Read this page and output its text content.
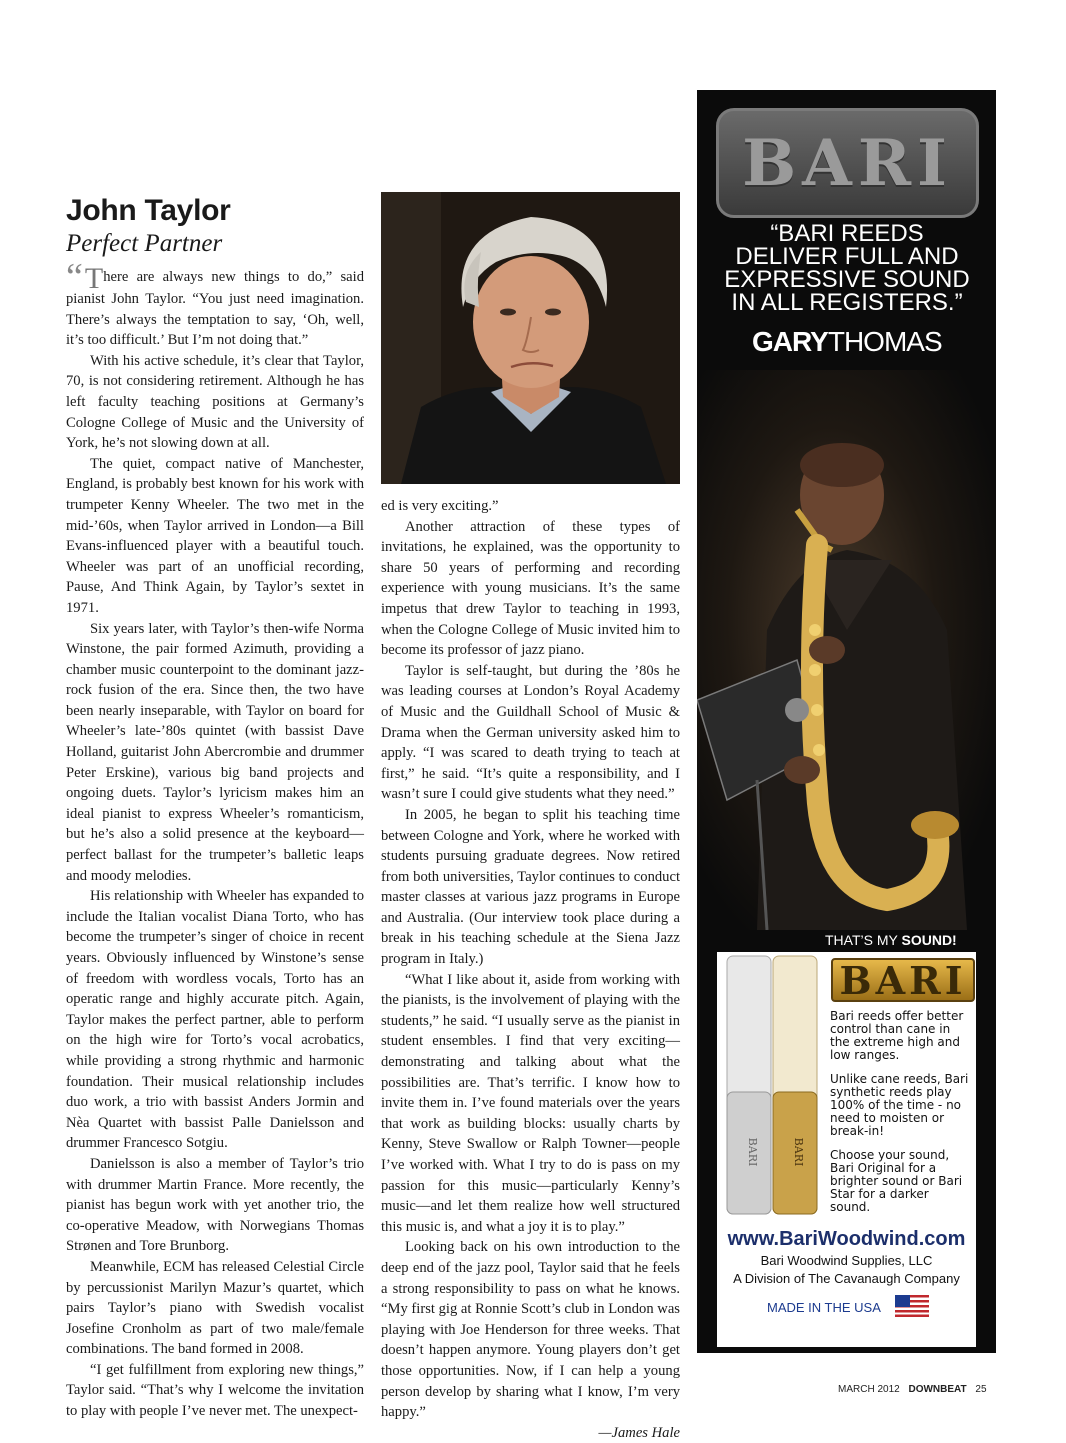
John Taylor
Perfect Partner

“There are always new things to do,” said pianist John Taylor. “You just need imagination. There’s always the temptation to say, ‘Oh, well, it’s too difficult.’ But I’m not doing that.”

With his active schedule, it’s clear that Taylor, 70, is not considering retirement. Although he has left faculty teaching positions at Germany’s Cologne College of Music and the University of York, he’s not slowing down at all.

The quiet, compact native of Manchester, England, is probably best known for his work with trumpeter Kenny Wheeler. The two met in the mid-’60s, when Taylor arrived in London—a Bill Evans-influenced player with a beautiful touch. Wheeler was part of an unofficial recording, Pause, And Think Again, by Taylor’s sextet in 1971.

Six years later, with Taylor’s then-wife Norma Winstone, the pair formed Azimuth, providing a chamber music counterpoint to the dominant jazz-rock fusion of the era. Since then, the two have been nearly inseparable, with Taylor on board for Wheeler’s late-’80s quintet (with bassist Dave Holland, guitarist John Abercrombie and drummer Peter Erskine), various big band projects and ongoing duets. Taylor’s lyricism makes him an ideal pianist to express Wheeler’s romanticism, but he’s also a solid presence at the keyboard—perfect ballast for the trumpeter’s balletic leaps and moody melodies.

His relationship with Wheeler has expanded to include the Italian vocalist Diana Torto, who has become the trumpeter’s singer of choice in recent years. Obviously influenced by Winstone’s sense of freedom with wordless vocals, Torto has an operatic range and highly accurate pitch. Again, Taylor makes the perfect partner, able to perform on the high wire for Torto’s vocal acrobatics, while providing a strong rhythmic and harmonic foundation. Their musical relationship includes duo work, a trio with bassist Anders Jormin and Nèa Quartet with bassist Palle Danielsson and drummer Francesco Sotgiu.

Danielsson is also a member of Taylor’s trio with drummer Martin France. More recently, the pianist has begun work with yet another trio, the co-operative Meadow, with Norwegians Thomas Strønen and Tore Brunborg.

Meanwhile, ECM has released Celestial Circle by percussionist Marilyn Mazur’s quartet, which pairs Taylor’s piano with Swedish vocalist Josefine Cronholm as part of two male/female combinations. The band formed in 2008.

“I get fulfillment from exploring new things,” Taylor said. “That’s why I welcome the invitation to play with people I’ve never met. The unexpect-

ed is very exciting.”

Another attraction of these types of invitations, he explained, was the opportunity to share 50 years of performing and recording experience with young musicians. It’s the same impetus that drew Taylor to teaching in 1993, when the Cologne College of Music invited him to become its professor of jazz piano.

Taylor is self-taught, but during the ’80s he was leading courses at London’s Royal Academy of Music and the Guildhall School of Music & Drama when the German university asked him to apply. “I was scared to death trying to teach at first,” he said. “It’s quite a responsibility, and I wasn’t sure I could give students what they need.”

In 2005, he began to split his teaching time between Cologne and York, where he worked with students pursuing graduate degrees. Now retired from both universities, Taylor continues to conduct master classes at various jazz programs in Europe and Australia. (Our interview took place during a break in his teaching schedule at the Siena Jazz program in Italy.)

“What I like about it, aside from working with the pianists, is the involvement of playing with the students,” he said. “I usually serve as the pianist in student ensembles. I find that very exciting—demonstrating and talking about what the possibilities are. That’s terrific. I know how to invite them in. I’ve found materials over the years that work as building blocks: usually charts by Kenny, Steve Swallow or Ralph Towner—people I’ve worked with. What I try to do is pass on my passion for this music—particularly Kenny’s music—and let them realize how well structured this music is, and what a joy it is to play.”

Looking back on his own introduction to the deep end of the jazz pool, Taylor said that he feels a strong responsibility to pass on what he knows. “My first gig at Ronnie Scott’s club in London was playing with Joe Henderson for three weeks. That doesn’t happen anymore. Young players don’t get those opportunities. Now, if I can help a young person develop by sharing what I know, I’m very happy.”

—James Hale
BARI
“BARI REEDS DELIVER FULL AND EXPRESSIVE SOUND IN ALL REGISTERS.”
GARYTHOMAS
THAT’S MY SOUND!
BARI
BARI	BARI

Bari reeds offer better control than cane in the extreme high and low ranges.

Unlike cane reeds, Bari synthetic reeds play 100% of the time - no need to moisten or break-in!

Choose your sound, Bari Original for a brighter sound or Bari Star for a darker sound.

www.BariWoodwind.com
Bari Woodwind Supplies, LLC
A Division of The Cavanaugh Company
MADE IN THE USA
MARCH 2012 DOWNBEAT 25
